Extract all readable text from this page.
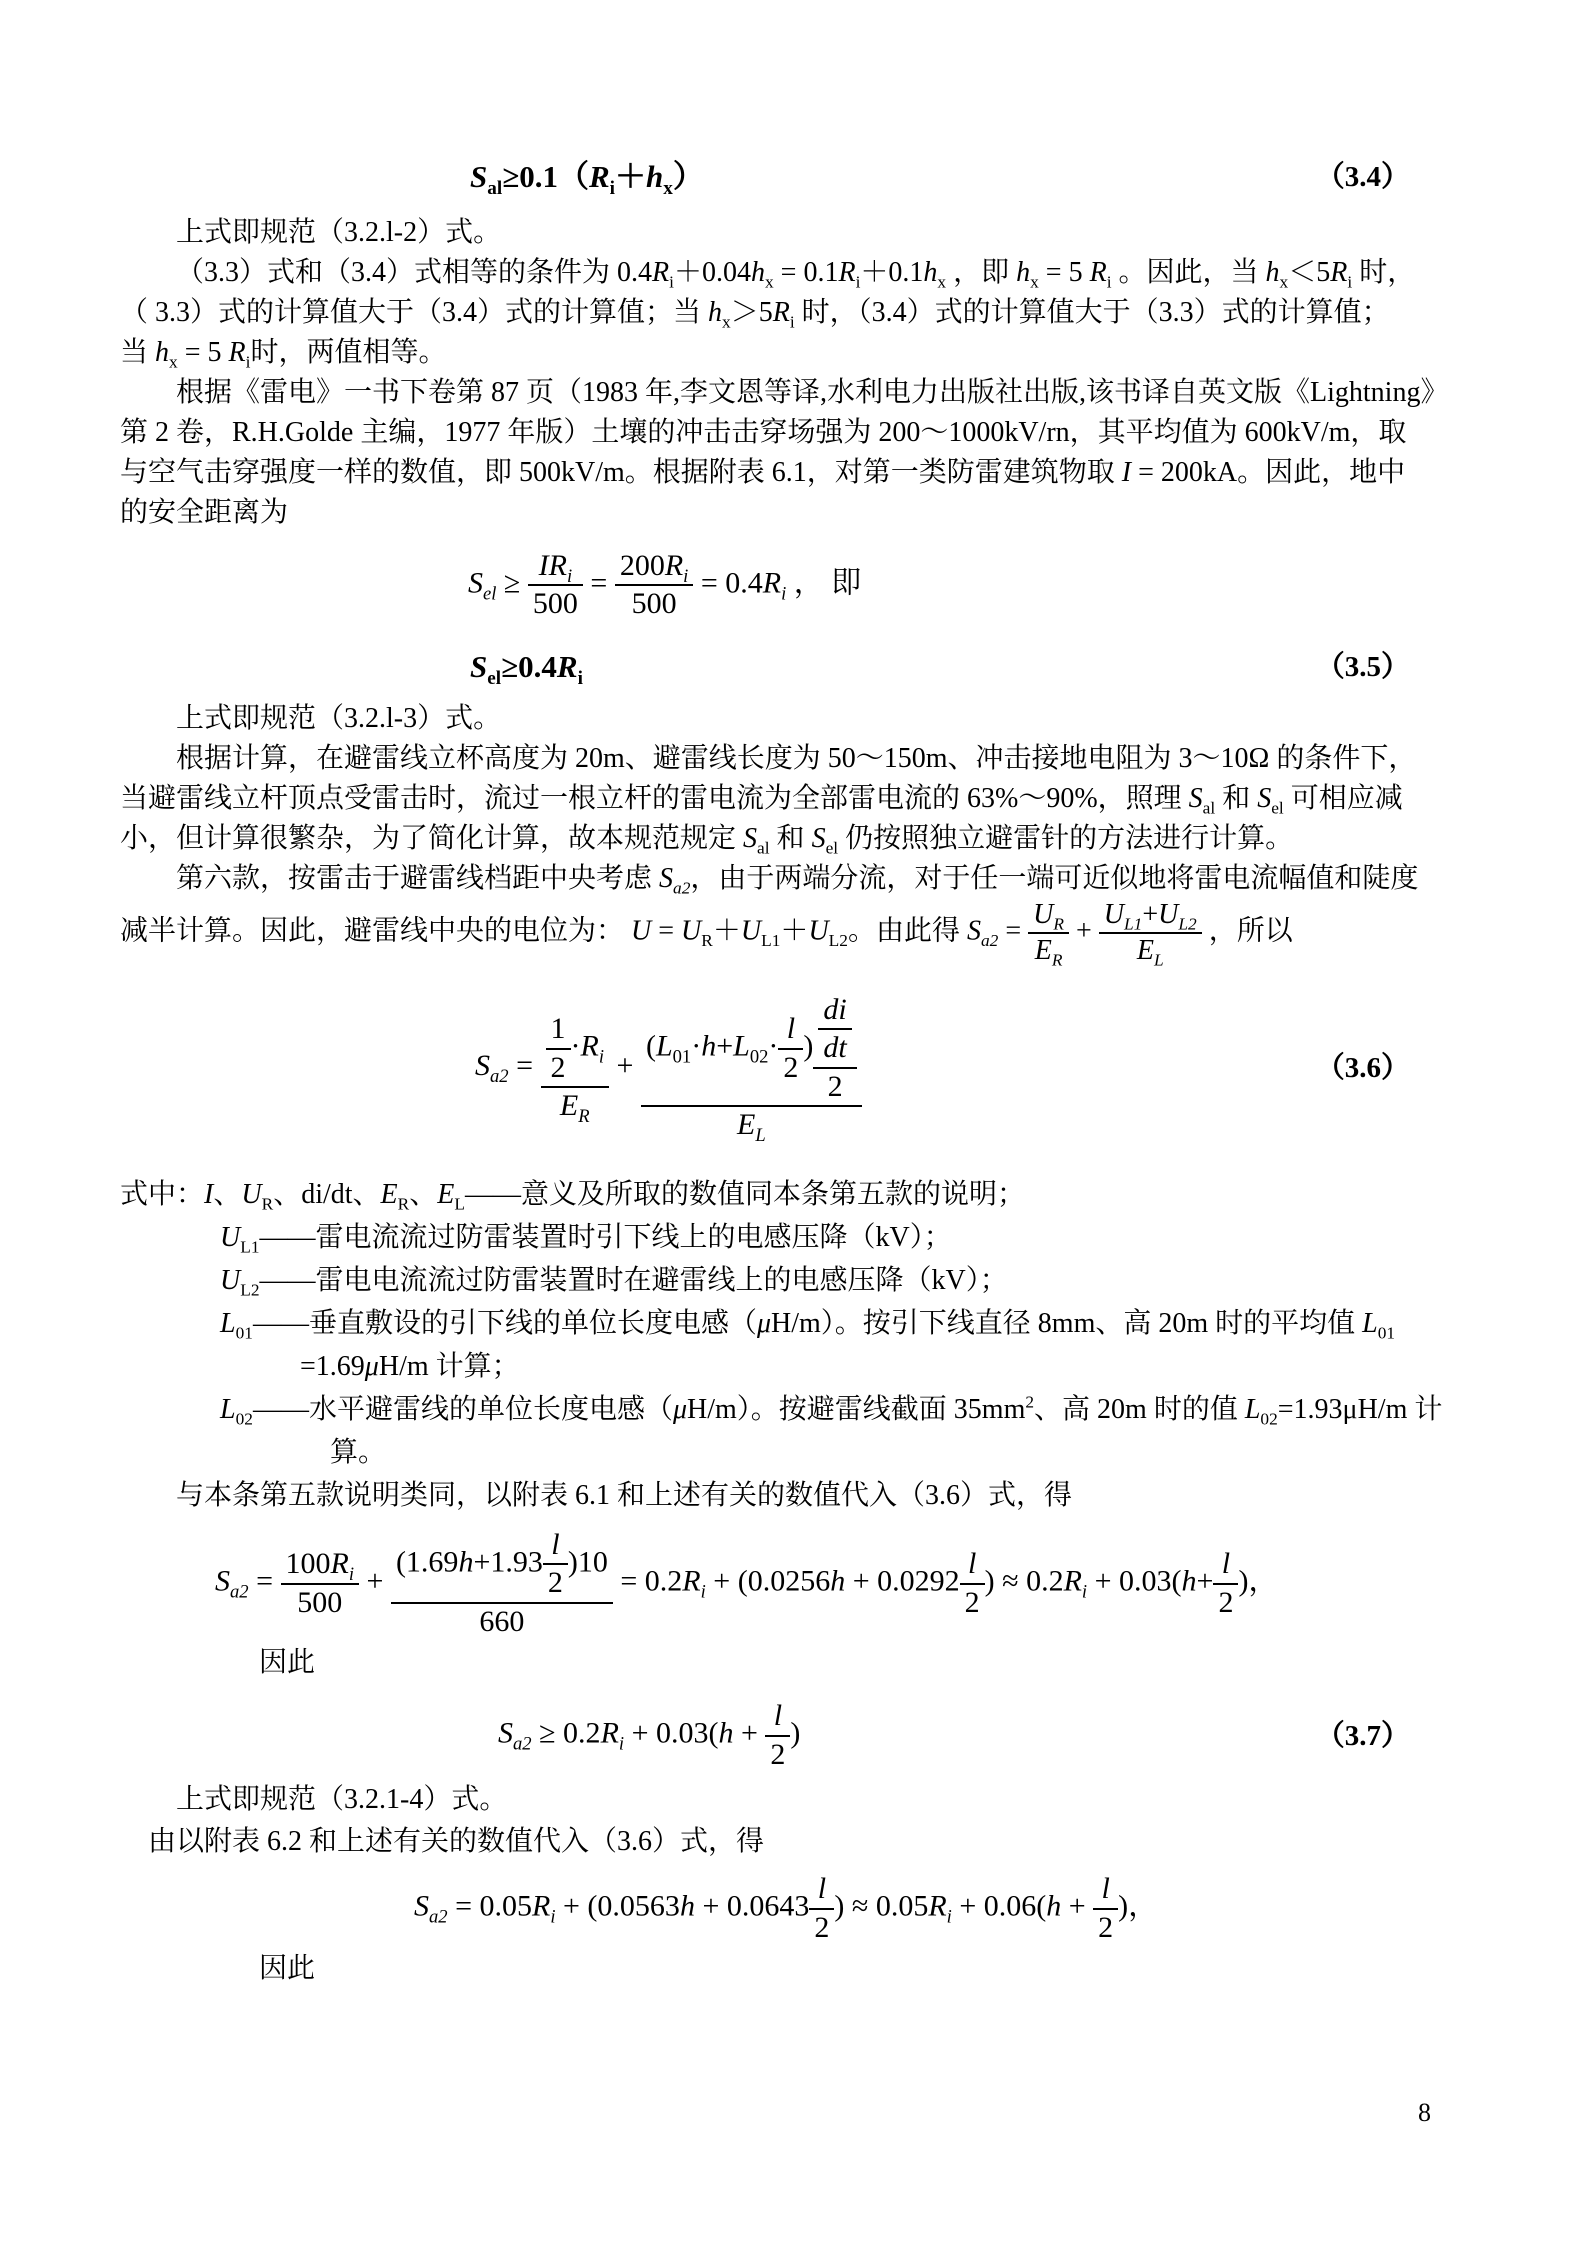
$S_{al}\ge 0.1(R_i+h_x)$	（3.4）
上式即规范（3.2.l-2）式。
（3.3）式和（3.4）式相等的条件为 $0.4R_i+0.04h_x = 0.1R_i+0.1h_x$ ，即 $h_x = 5$ $R_i$ 。因此，当 $h_x<5R_i$ 时，
（ 3.3）式的计算值大于（3.4）式的计算值；当 $h_x>5R_i$ 时，（3.4）式的计算值大于（3.3）式的计算值；
当 $h_x = 5$ $R_i$时，两值相等。
根据《雷电》一书下卷第 87 页（1983 年,李文恩等译,水利电力出版社出版,该书译自英文版《Lightning》
第 2 卷，R.H.Golde 主编，1977 年版）土壤的冲击击穿场强为 200～1000kV/rn，其平均值为 600kV/m，取
与空气击穿强度一样的数值，即 500kV/m。根据附表 6.1，对第一类防雷建筑物取 I = 200kA。因此，地中
的安全距离为
$S_{el} \ge \frac{IR_i}{500} = \frac{200R_i}{500} = 0.4R_i$ ， 即
$S_{el}\ge 0.4R_i$	（3.5）
上式即规范（3.2.l-3）式。
根据计算，在避雷线立杯高度为 20m、避雷线长度为 50～150m、冲击接地电阻为 3～10Ω 的条件下，
当避雷线立杆顶点受雷击时，流过一根立杆的雷电流为全部雷电流的 63%～90%，照理 $S_{al}$ 和 $S_{el}$ 可相应减
小，但计算很繁杂，为了简化计算，故本规范规定 $S_{al}$ 和 $S_{el}$ 仍按照独立避雷针的方法进行计算。
第六款，按雷击于避雷线档距中央考虑 $S_{a2}$，由于两端分流，对于任一端可近似地将雷电流幅值和陡度
减半计算。因此，避雷线中央的电位为： $U = U_R+U_{L1}+U_{L2}$。由此得 $S_{a2} = \frac{U_R}{E_R} + \frac{U_{L1}+U_{L2}}{E_L}$ ，所以
$S_{a2} = \frac{\frac{1}{2} \cdot R_i}{E_R} + \frac{(L_{01}\cdot h+L_{02}\cdot \frac{l}{2} ) \frac{\frac{di}{dt}}{2}}{E_L}$	（3.6）
式中：I、$U_R$、di/dt、$E_R$、$E_L——$意义及所取的数值同本条第五款的说明；
$U_{L1}——$雷电流流过防雷装置时引下线上的电感压降（kV）；
$U_{L2}——$雷电电流流过防雷装置时在避雷线上的电感压降（kV）；
$L_{01}——$垂直敷设的引下线的单位长度电感（μH/m）。按引下线直径 8mm、高 20m 时的平均值 $L_{01}$
=1.69μH/m 计算；
$L_{02}——$水平避雷线的单位长度电感（μH/m）。按避雷线截面 $35mm^2$、高 20m 时的值 $L_{02}=1.93\mu H/m$ 计
算。
与本条第五款说明类同，以附表 6.1 和上述有关的数值代入（3.6）式，得
$S_{a2} = \frac{100R_i}{500} + \frac{(1.69h+1.93 \frac{l}{2} )10}{660} = 0.2R_i + (0.0256h + 0.0292 \frac{l}{2}$ ) ≈ $0.2R_i + 0.03(h+ \frac{l}{2}$ )，
因此
$S_{a2} \ge 0.2R_i + 0.03(h + \frac{l}{2}$ )	（3.7）
上式即规范（3.2.1-4）式。
由以附表 6.2 和上述有关的数值代入（3.6）式，得
$S_{a2} = 0.05R_i + (0.0563h + 0.0643 \frac{l}{2}$ ) ≈ $0.05R_i + 0.06(h + \frac{l}{2}$ )，
因此
8
